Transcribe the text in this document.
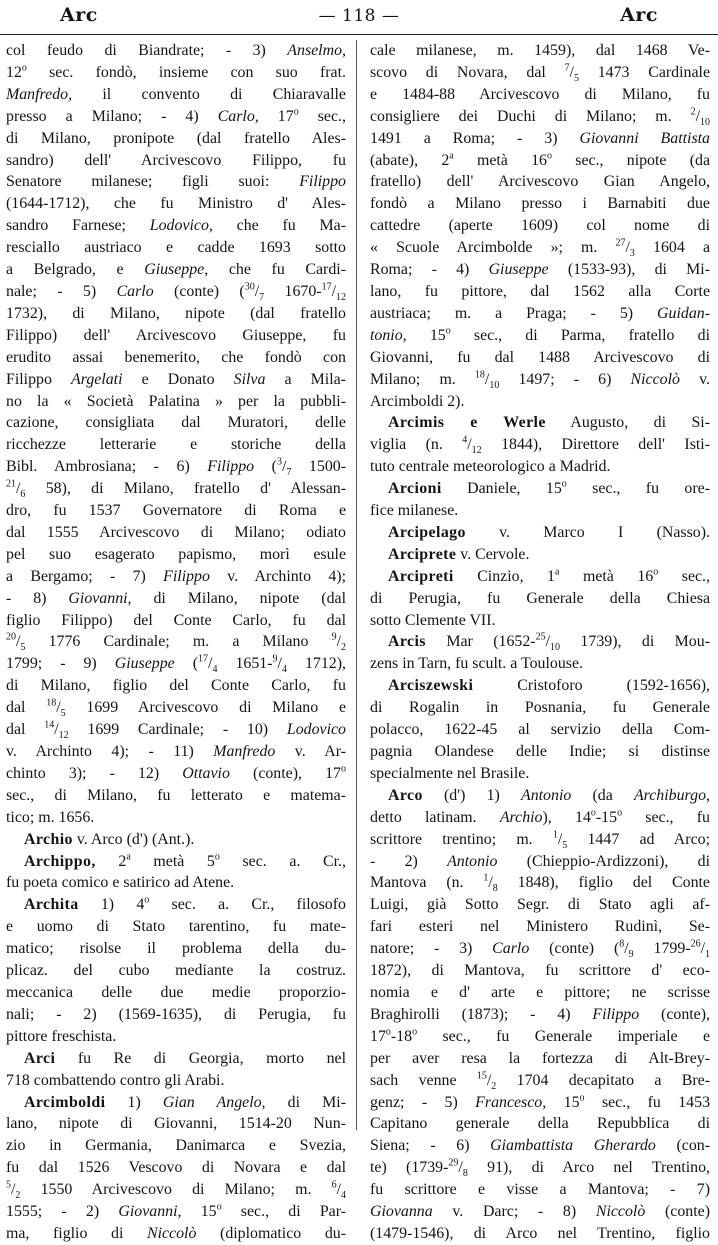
Arc	— 118 —	Arc
col feudo di Biandrate; - 3) Anselmo,
12$^o$ sec. fondò, insieme con suo frat.
Manfredo, il convento di Chiaravalle
presso a Milano; - 4) Carlo, 17$^o$ sec.,
di Milano, pronipote (dal fratello Ales-
sandro) dell' Arcivescovo Filippo, fu
Senatore milanese; figli suoi: Filippo
(1644-1712), che fu Ministro d' Ales-
sandro Farnese; Lodovico, che fu Ma-
resciallo austriaco e cadde 1693 sotto
a Belgrado, e Giuseppe, che fu Cardi-
nale; - 5) Carlo (conte) ($^{30}/_7$ $1670-^{17}/_{12}$
1732), di Milano, nipote (dal fratello
Filippo) dell' Arcivescovo Giuseppe, fu
erudito assai benemerito, che fondò con
Filippo Argelati e Donato Silva a Mila-
no la « Società Palatina » per la pubbli-
cazione, consigliata dal Muratori, delle
ricchezze letterarie e storiche della
Bibl. Ambrosiana; - 6) Filippo ($^3/_7$ 1500-
$^{21}/_6$ 58), di Milano, fratello d' Alessan-
dro, fu 1537 Governatore di Roma e
dal 1555 Arcivescovo di Milano; odiato
pel suo esagerato papismo, morì esule
a Bergamo; - 7) Filippo v. Archinto 4);
- 8) Giovanni, di Milano, nipote (dal
figlio Filippo) del Conte Carlo, fu dal
$^{20}/_5$ 1776 Cardinale; m. a Milano $^9/_2$
1799; - 9) Giuseppe ($^{17}/_4$ $1651-^9/_4$ 1712),
di Milano, figlio del Conte Carlo, fu
dal $^{18}/_5$ 1699 Arcivescovo di Milano e
dal $^{14}/_{12}$ 1699 Cardinale; - 10) Lodovico
v. Archinto 4); - 11) Manfredo v. Ar-
chinto 3); - 12) Ottavio (conte), 17$^o$
sec., di Milano, fu letterato e matema-
tico; m. 1656.
Archio v. Arco (d') (Ant.).
Archippo, 2$^a$ metà 5$^o$ sec. a. Cr.,
fu poeta comico e satirico ad Atene.
Archita 1) 4$^o$ sec. a. Cr., filosofo
e uomo di Stato tarentino, fu mate-
matico; risolse il problema della du-
plicaz. del cubo mediante la costruz.
meccanica delle due medie proporzio-
nali; - 2) (1569-1635), di Perugia, fu
pittore freschista.
Arci fu Re di Georgia, morto nel
718 combattendo contro gli Arabi.
Arcimboldi 1) Gian Angelo, di Mi-
lano, nipote di Giovanni, 1514-20 Nun-
zio in Germania, Danimarca e Svezia,
fu dal 1526 Vescovo di Novara e dal
$^5/_2$ 1550 Arcivescovo di Milano; m. $^6/_4$
1555; - 2) Giovanni, 15$^o$ sec., di Par-
ma, figlio di Niccolò (diplomatico du-
cale milanese, m. 1459), dal 1468 Ve-
scovo di Novara, dal $^7/_5$ 1473 Cardinale
e 1484-88 Arcivescovo di Milano, fu
consigliere dei Duchi di Milano; m. $^2/_{10}$
1491 a Roma; - 3) Giovanni Battista
(abate), 2$^a$ metà 16$^o$ sec., nipote (da
fratello) dell' Arcivescovo Gian Angelo,
fondò a Milano presso i Barnabiti due
cattedre (aperte 1609) col nome di
« Scuole Arcimbolde »; m. $^{27}/_3$ 1604 a
Roma; - 4) Giuseppe (1533-93), di Mi-
lano, fu pittore, dal 1562 alla Corte
austriaca; m. a Praga; - 5) Guidan-
tonio, 15$^o$ sec., di Parma, fratello di
Giovanni, fu dal 1488 Arcivescovo di
Milano; m. $^{18}/_{10}$ 1497; - 6) Niccolò v.
Arcimboldi 2).
Arcimis e Werle Augusto, di Si-
viglia (n. $^4/_{12}$ 1844), Direttore dell' Isti-
tuto centrale meteorologico a Madrid.
Arcioni Daniele, 15$^o$ sec., fu ore-
fice milanese.
Arcipelago v. Marco I (Nasso).
Arciprete v. Cervole.
Arcipreti Cinzio, 1$^a$ metà 16$^o$ sec.,
di Perugia, fu Generale della Chiesa
sotto Clemente VII.
Arcis Mar ($1652-^{25}/_{10}$ 1739), di Mou-
zens in Tarn, fu scult. a Toulouse.
Arciszewski Cristoforo (1592-1656),
di Rogalin in Posnania, fu Generale
polacco, 1622-45 al servizio della Com-
pagnia Olandese delle Indie; si distinse
specialmente nel Brasile.
Arco (d') 1) Antonio (da Archiburgo,
detto latinam. Archio), 14$^o$-15$^o$ sec., fu
scrittore trentino; m. $^1/_5$ 1447 ad Arco;
- 2) Antonio (Chieppio-Ardizzoni), di
Mantova (n. $^1/_8$ 1848), figlio del Conte
Luigi, già Sotto Segr. di Stato agli af-
fari esteri nel Ministero Rudinì, Se-
natore; - 3) Carlo (conte) ($^8/_9$ $1799-^{26}/_1$
1872), di Mantova, fu scrittore d' eco-
nomia e d' arte e pittore; ne scrisse
Braghirolli (1873); - 4) Filippo (conte),
17$^o$-18$^o$ sec., fu Generale imperiale e
per aver resa la fortezza di Alt-Brey-
sach venne $^{15}/_2$ 1704 decapitato a Bre-
genz; - 5) Francesco, 15$^o$ sec., fu 1453
Capitano generale della Repubblica di
Siena; - 6) Giambattista Gherardo (con-
te) ($1739-^{29}/_8$ 91), di Arco nel Trentino,
fu scrittore e visse a Mantova; - 7)
Giovanna v. Darc; - 8) Niccolò (conte)
(1479-1546), di Arco nel Trentino, figlio
